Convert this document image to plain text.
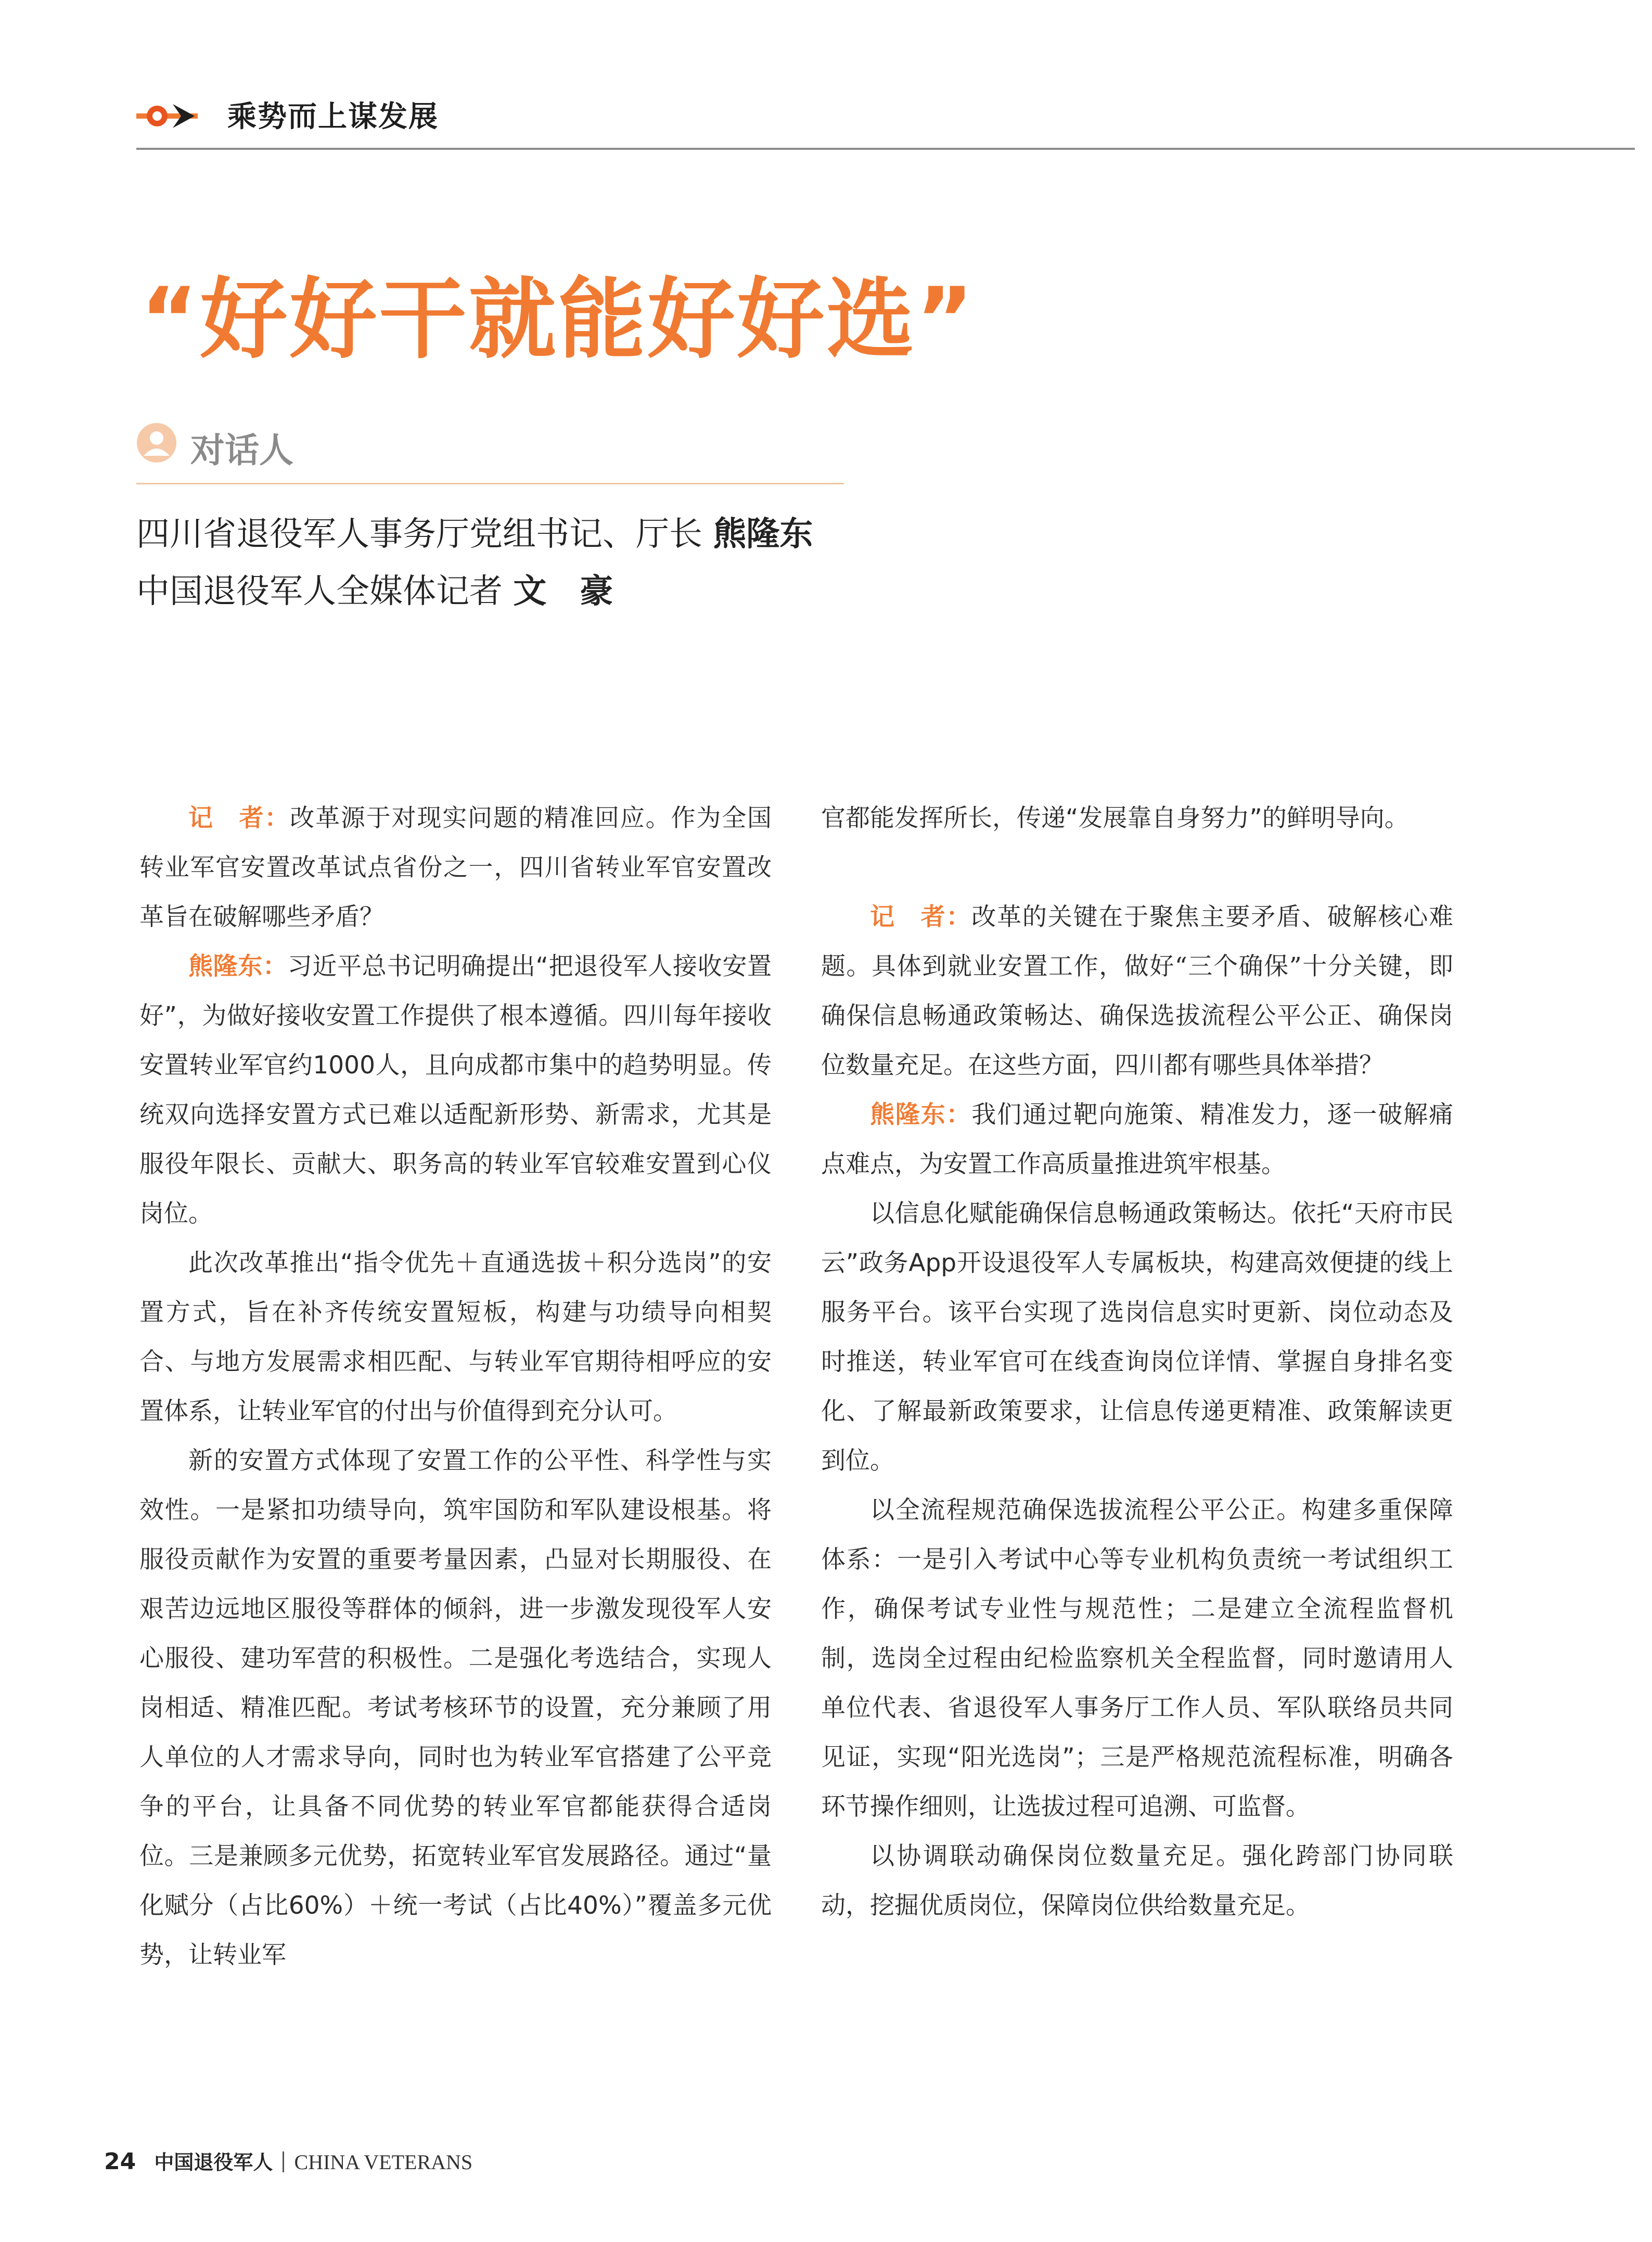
乘势而上谋发展
“好好干就能好好选”
对话人
四川省退役军人事务厅党组书记、厅长 熊隆东
中国退役军人全媒体记者 文　豪

记　者：改革源于对现实问题的精准回应。作为全国转业军官安置改革试点省份之一，四川省转业军官安置改革旨在破解哪些矛盾？

熊隆东：习近平总书记明确提出“把退役军人接收安置好”，为做好接收安置工作提供了根本遵循。四川每年接收安置转业军官约1000人，且向成都市集中的趋势明显。传统双向选择安置方式已难以适配新形势、新需求，尤其是服役年限长、贡献大、职务高的转业军官较难安置到心仪岗位。

此次改革推出“指令优先＋直通选拔＋积分选岗”的安置方式，旨在补齐传统安置短板，构建与功绩导向相契合、与地方发展需求相匹配、与转业军官期待相呼应的安置体系，让转业军官的付出与价值得到充分认可。

新的安置方式体现了安置工作的公平性、科学性与实效性。一是紧扣功绩导向，筑牢国防和军队建设根基。将服役贡献作为安置的重要考量因素，凸显对长期服役、在艰苦边远地区服役等群体的倾斜，进一步激发现役军人安心服役、建功军营的积极性。二是强化考选结合，实现人岗相适、精准匹配。考试考核环节的设置，充分兼顾了用人单位的人才需求导向，同时也为转业军官搭建了公平竞争的平台，让具备不同优势的转业军官都能获得合适岗位。三是兼顾多元优势，拓宽转业军官发展路径。通过“量化赋分（占比60%）＋统一考试（占比40%）”覆盖多元优势，让转业军

官都能发挥所长，传递“发展靠自身努力”的鲜明导向。

记　者：改革的关键在于聚焦主要矛盾、破解核心难题。具体到就业安置工作，做好“三个确保”十分关键，即确保信息畅通政策畅达、确保选拔流程公平公正、确保岗位数量充足。在这些方面，四川都有哪些具体举措？

熊隆东：我们通过靶向施策、精准发力，逐一破解痛点难点，为安置工作高质量推进筑牢根基。

以信息化赋能确保信息畅通政策畅达。依托“天府市民云”政务App开设退役军人专属板块，构建高效便捷的线上服务平台。该平台实现了选岗信息实时更新、岗位动态及时推送，转业军官可在线查询岗位详情、掌握自身排名变化、了解最新政策要求，让信息传递更精准、政策解读更到位。

以全流程规范确保选拔流程公平公正。构建多重保障体系：一是引入考试中心等专业机构负责统一考试组织工作，确保考试专业性与规范性；二是建立全流程监督机制，选岗全过程由纪检监察机关全程监督，同时邀请用人单位代表、省退役军人事务厅工作人员、军队联络员共同见证，实现“阳光选岗”；三是严格规范流程标准，明确各环节操作细则，让选拔过程可追溯、可监督。

以协调联动确保岗位数量充足。强化跨部门协同联动，挖掘优质岗位，保障岗位供给数量充足。

24 中国退役军人 CHINA VETERANS
